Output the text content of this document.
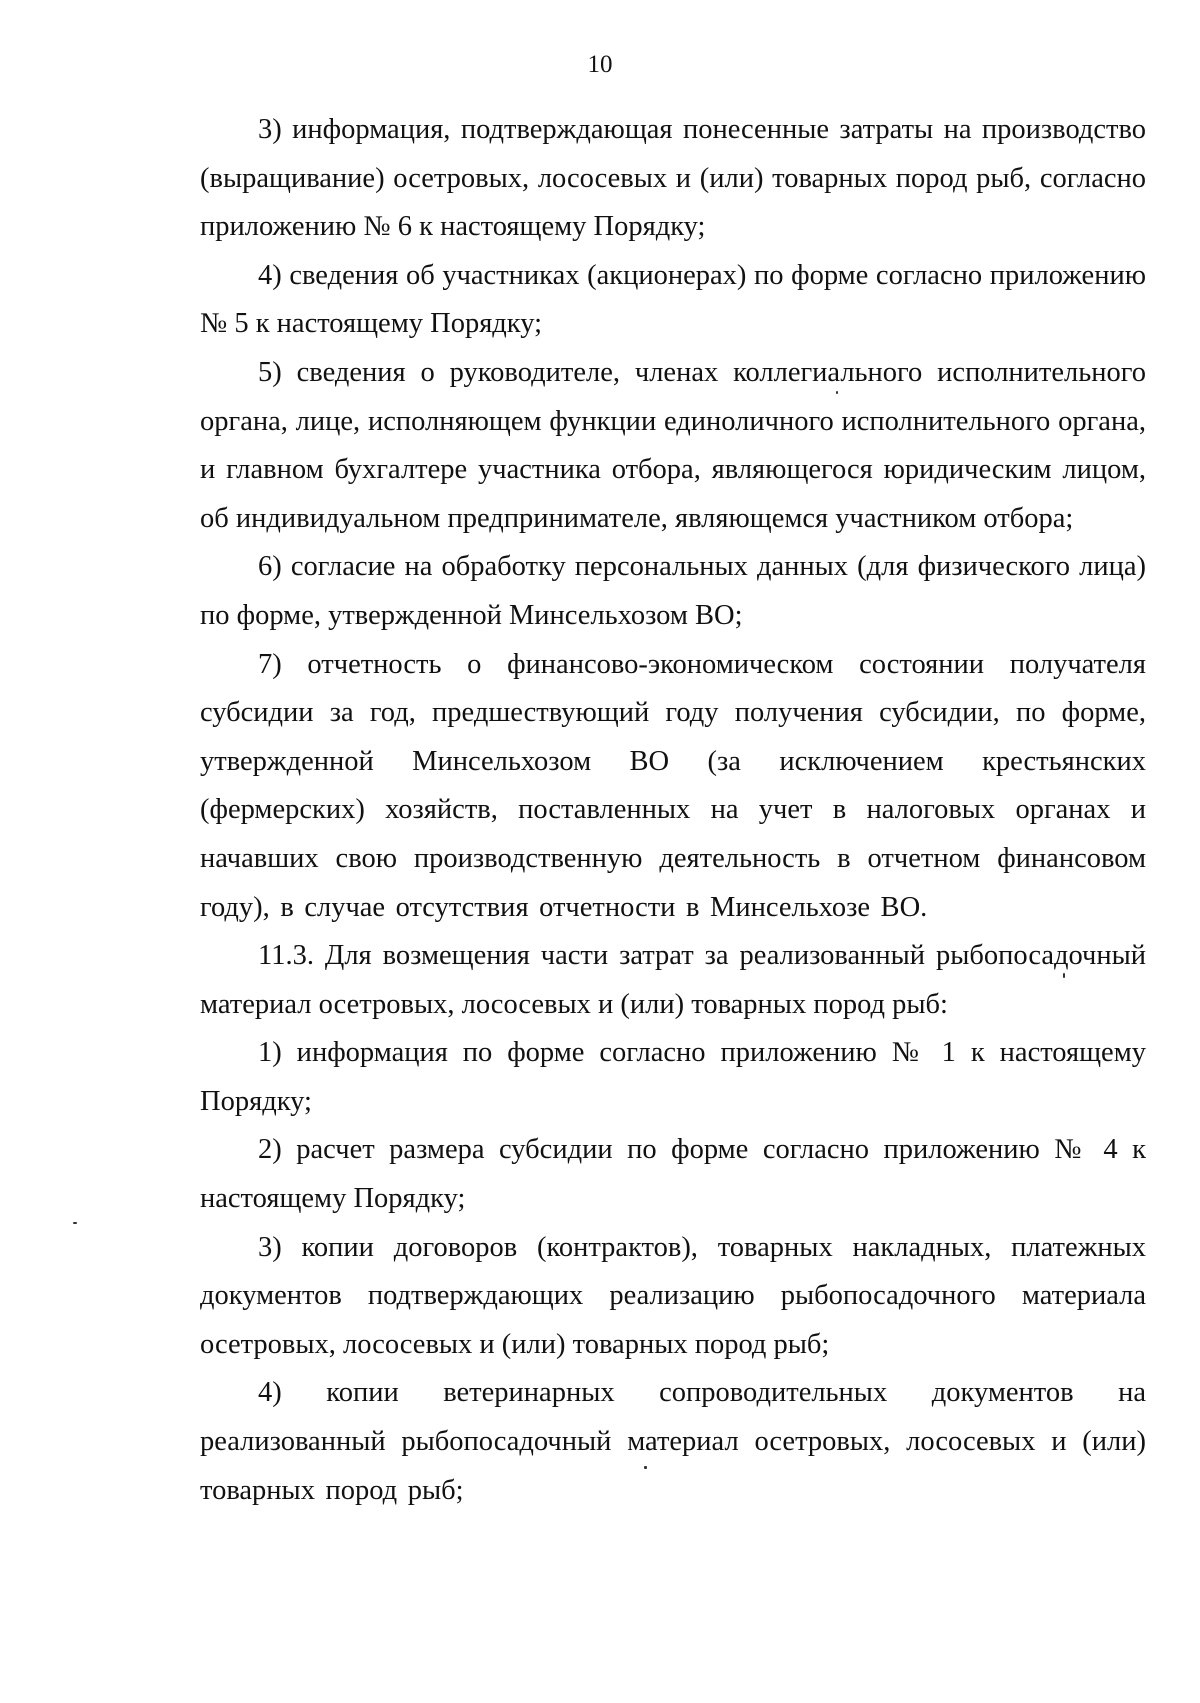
10

3) информация, подтверждающая понесенные затраты на производство (выращивание) осетровых, лососевых и (или) товарных пород рыб, согласно приложению № 6 к настоящему Порядку;

4) сведения об участниках (акционерах) по форме согласно приложению № 5 к настоящему Порядку;

5) сведения о руководителе, членах коллегиального исполнительного органа, лице, исполняющем функции единоличного исполнительного органа, и главном бухгалтере участника отбора, являющегося юридическим лицом, об индивидуальном предпринимателе, являющемся участником отбора;

6) согласие на обработку персональных данных (для физического лица) по форме, утвержденной Минсельхозом ВО;

7) отчетность о финансово-экономическом состоянии получателя субсидии за год, предшествующий году получения субсидии, по форме, утвержденной Минсельхозом ВО (за исключением крестьянских (фермерских) хозяйств, поставленных на учет в налоговых органах и начавших свою производственную деятельность в отчетном финансовом году), в случае отсутствия отчетности в Минсельхозе ВО.

11.3. Для возмещения части затрат за реализованный рыбопосадочный материал осетровых, лососевых и (или) товарных пород рыб:

1) информация по форме согласно приложению № 1 к настоящему Порядку;

2) расчет размера субсидии по форме согласно приложению № 4 к настоящему Порядку;

3) копии договоров (контрактов), товарных накладных, платежных документов подтверждающих реализацию рыбопосадочного материала осетровых, лососевых и (или) товарных пород рыб;

4) копии ветеринарных сопроводительных документов на реализованный рыбопосадочный материал осетровых, лососевых и (или) товарных пород рыб;
